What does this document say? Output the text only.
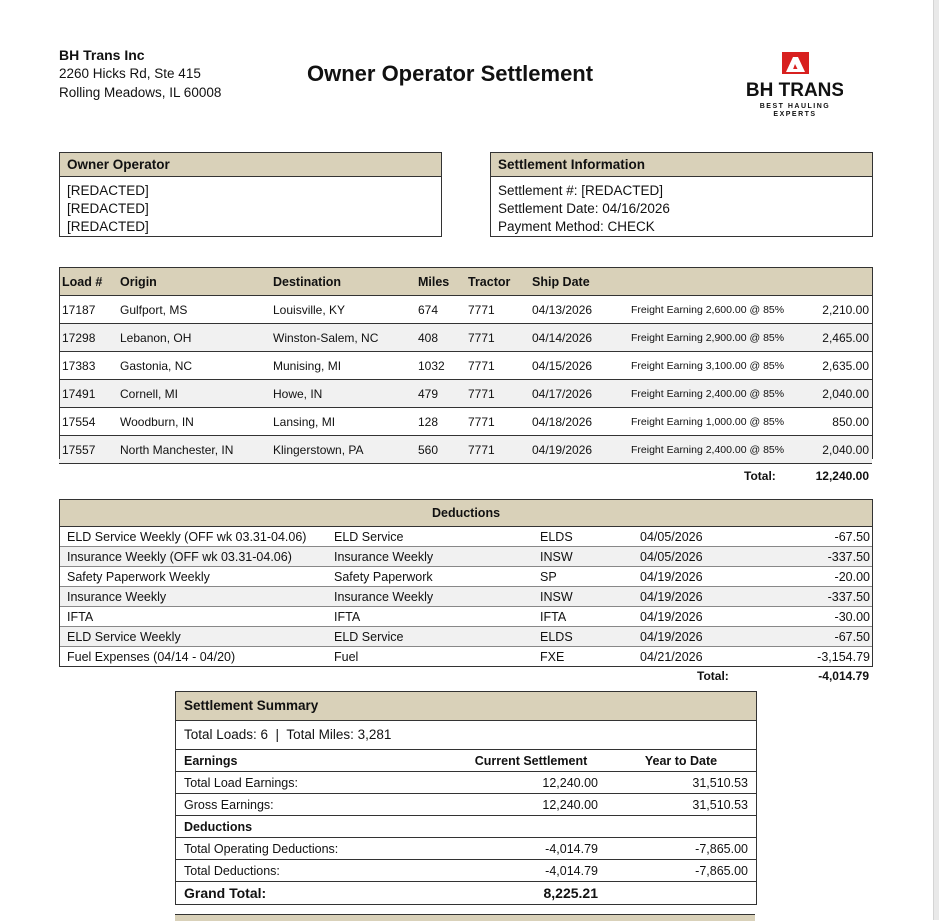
BH Trans Inc
2260 Hicks Rd, Ste 415
Rolling Meadows, IL 60008
Owner Operator Settlement
BH TRANS
BEST HAULING
EXPERTS
Owner Operator
[REDACTED]
[REDACTED]
[REDACTED]
Settlement Information
Settlement #: [REDACTED]
Settlement Date: 04/16/2026
Payment Method: CHECK
Load #	Origin	Destination	Miles	Tractor	Ship Date		
17187	Gulfport, MS	Louisville, KY	674	7771	04/13/2026	Freight Earning 2,600.00 @ 85%	2,210.00
17298	Lebanon, OH	Winston-Salem, NC	408	7771	04/14/2026	Freight Earning 2,900.00 @ 85%	2,465.00
17383	Gastonia, NC	Munising, MI	1032	7771	04/15/2026	Freight Earning 3,100.00 @ 85%	2,635.00
17491	Cornell, MI	Howe, IN	479	7771	04/17/2026	Freight Earning 2,400.00 @ 85%	2,040.00
17554	Woodburn, IN	Lansing, MI	128	7771	04/18/2026	Freight Earning 1,000.00 @ 85%	850.00
17557	North Manchester, IN	Klingerstown, PA	560	7771	04/19/2026	Freight Earning 2,400.00 @ 85%	2,040.00
Total:	12,240.00
Deductions
ELD Service Weekly (OFF wk 03.31-04.06)	ELD Service	ELDS	04/05/2026	-67.50
Insurance Weekly (OFF wk 03.31-04.06)	Insurance Weekly	INSW	04/05/2026	-337.50
Safety Paperwork Weekly	Safety Paperwork	SP	04/19/2026	-20.00
Insurance Weekly	Insurance Weekly	INSW	04/19/2026	-337.50
IFTA	IFTA	IFTA	04/19/2026	-30.00
ELD Service Weekly	ELD Service	ELDS	04/19/2026	-67.50
Fuel Expenses (04/14 - 04/20)	Fuel	FXE	04/21/2026	-3,154.79
Total:	-4,014.79
Settlement Summary
Total Loads: 6  |  Total Miles: 3,281
Earnings	Current Settlement	Year to Date
Total Load Earnings:	12,240.00	31,510.53
Gross Earnings:	12,240.00	31,510.53
Deductions		
Total Operating Deductions:	-4,014.79	-7,865.00
Total Deductions:	-4,014.79	-7,865.00
Grand Total:	8,225.21	
